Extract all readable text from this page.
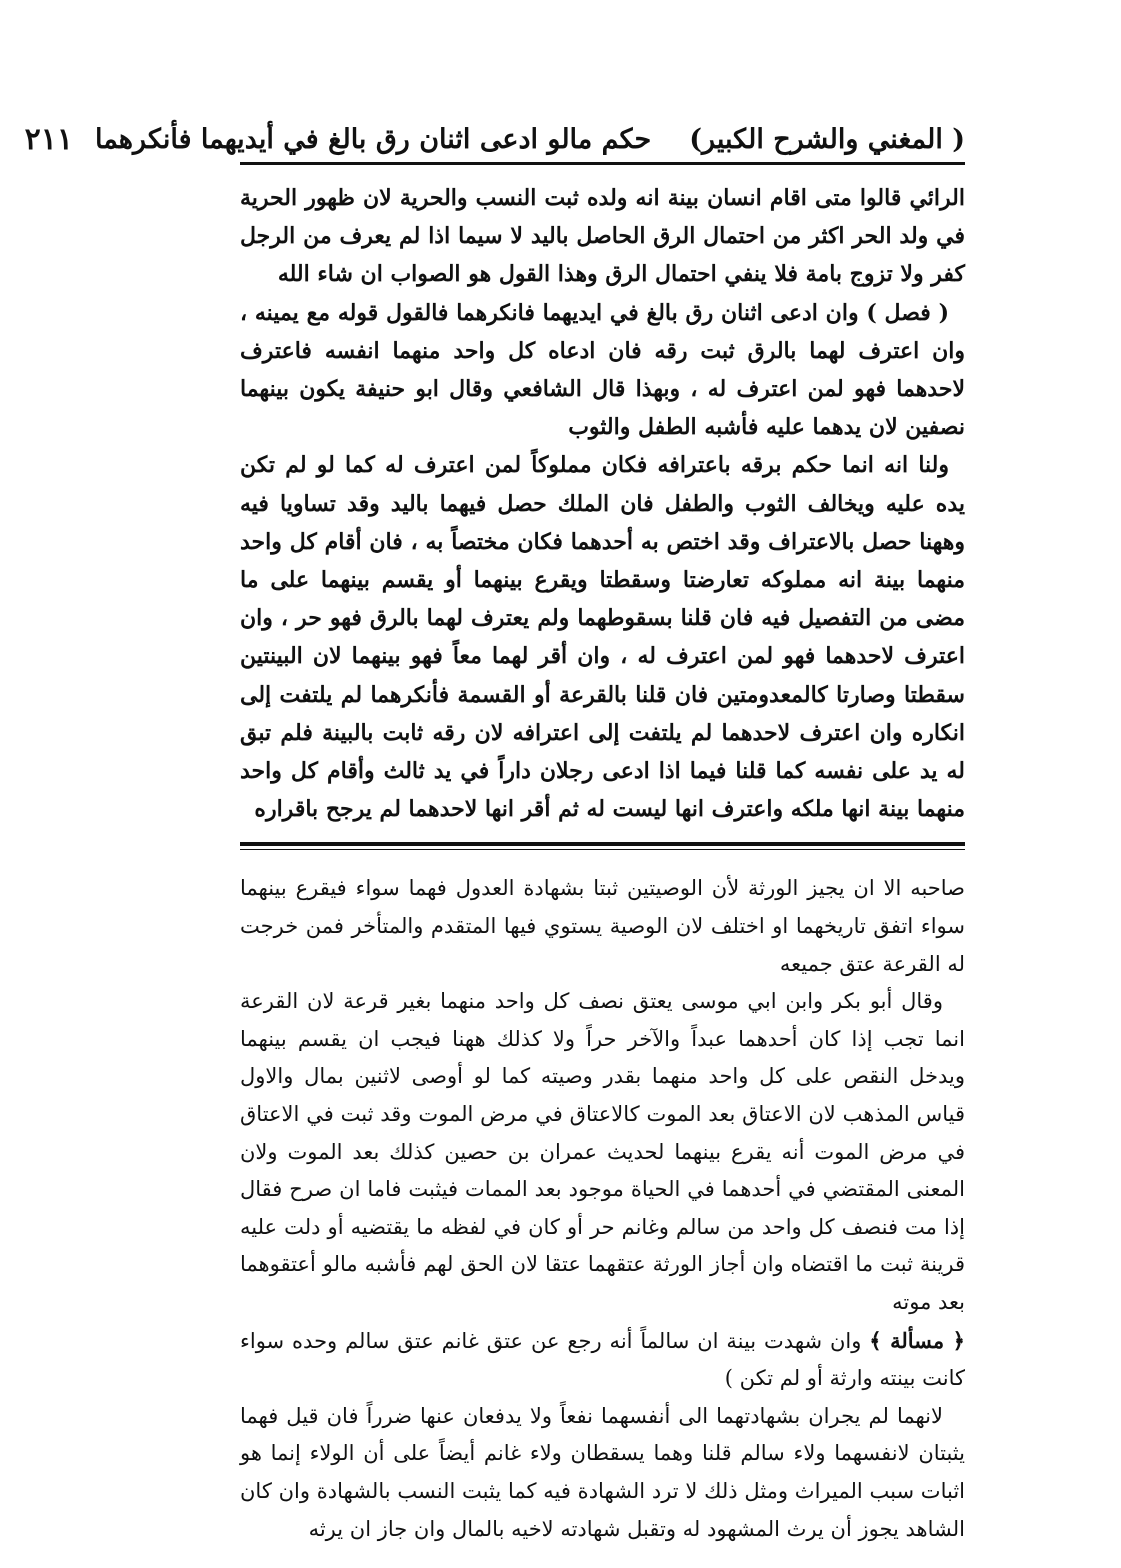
( المغني والشرح الكبير)
حكم مالو ادعى اثنان رق بالغ في أيديهما فأنكرهما
٢١١

الرائي قالوا متى اقام انسان بينة انه ولده ثبت النسب والحرية لان ظهور الحرية في ولد الحر اكثر من احتمال الرق الحاصل باليد لا سيما اذا لم يعرف من الرجل كفر ولا تزوج بامة فلا ينفي احتمال الرق وهذا القول هو الصواب ان شاء الله

( فصل ) وان ادعى اثنان رق بالغ في ايديهما فانكرهما فالقول قوله مع يمينه ، وان اعترف لهما بالرق ثبت رقه فان ادعاه كل واحد منهما انفسه فاعترف لاحدهما فهو لمن اعترف له ، وبهذا قال الشافعي وقال ابو حنيفة يكون بينهما نصفين لان يدهما عليه فأشبه الطفل والثوب

ولنا انه انما حكم برقه باعترافه فكان مملوكاً لمن اعترف له كما لو لم تكن يده عليه ويخالف الثوب والطفل فان الملك حصل فيهما باليد وقد تساويا فيه وههنا حصل بالاعتراف وقد اختص به أحدهما فكان مختصاً به ، فان أقام كل واحد منهما بينة انه مملوكه تعارضتا وسقطتا ويقرع بينهما أو يقسم بينهما على ما مضى من التفصيل فيه فان قلنا بسقوطهما ولم يعترف لهما بالرق فهو حر ، وان اعترف لاحدهما فهو لمن اعترف له ، وان أقر لهما معاً فهو بينهما لان البينتين سقطتا وصارتا كالمعدومتين فان قلنا بالقرعة أو القسمة فأنكرهما لم يلتفت إلى انكاره وان اعترف لاحدهما لم يلتفت إلى اعترافه لان رقه ثابت بالبينة فلم تبق له يد على نفسه كما قلنا فيما اذا ادعى رجلان داراً في يد ثالث وأقام كل واحد منهما بينة انها ملكه واعترف انها ليست له ثم أقر انها لاحدهما لم يرجح باقراره

صاحبه الا ان يجيز الورثة لأن الوصيتين ثبتا بشهادة العدول فهما سواء فيقرع بينهما سواء اتفق تاريخهما او اختلف لان الوصية يستوي فيها المتقدم والمتأخر فمن خرجت له القرعة عتق جميعه

وقال أبو بكر وابن ابي موسى يعتق نصف كل واحد منهما بغير قرعة لان القرعة انما تجب إذا كان أحدهما عبداً والآخر حراً ولا كذلك ههنا فيجب ان يقسم بينهما ويدخل النقص على كل واحد منهما بقدر وصيته كما لو أوصى لاثنين بمال والاول قياس المذهب لان الاعتاق بعد الموت كالاعتاق في مرض الموت وقد ثبت في الاعتاق في مرض الموت أنه يقرع بينهما لحديث عمران بن حصين كذلك بعد الموت ولان المعنى المقتضي في أحدهما في الحياة موجود بعد الممات فيثبت فاما ان صرح فقال إذا مت فنصف كل واحد من سالم وغانم حر أو كان في لفظه ما يقتضيه أو دلت عليه قرينة ثبت ما اقتضاه وان أجاز الورثة عتقهما عتقا لان الحق لهم فأشبه مالو أعتقوهما بعد موته

﴿ مسألة ﴾ وان شهدت بينة ان سالماً أنه رجع عن عتق غانم عتق سالم وحده سواء كانت بينته وارثة أو لم تكن )

لانهما لم يجران بشهادتهما الى أنفسهما نفعاً ولا يدفعان عنها ضرراً فان قيل فهما يثبتان لانفسهما ولاء سالم قلنا وهما يسقطان ولاء غانم أيضاً على أن الولاء إنما هو اثبات سبب الميراث ومثل ذلك لا ترد الشهادة فيه كما يثبت النسب بالشهادة وان كان الشاهد يجوز أن يرث المشهود له وتقبل شهادته لاخيه بالمال وان جاز ان يرثه
